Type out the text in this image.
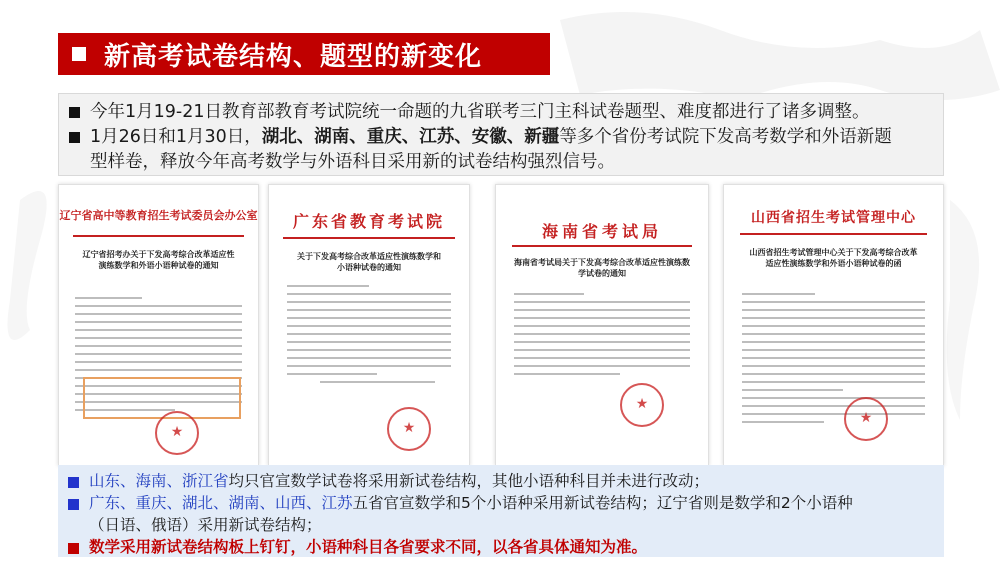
新高考试卷结构、题型的新变化
今年1月19-21日教育部教育考试院统一命题的九省联考三门主科试卷题型、难度都进行了诸多调整。
1月26日和1月30日，湖北、湖南、重庆、江苏、安徽、新疆等多个省份考试院下发高考数学和外语新题
型样卷，释放今年高考数学与外语科目采用新的试卷结构强烈信号。
辽宁省高中等教育招生考试委员会办公室
辽宁省招考办关于下发高考综合改革适应性演练数学和外语小语种试卷的通知
★
广东省教育考试院
关于下发高考综合改革适应性演练数学和小语种试卷的通知
★
海南省考试局
海南省考试局关于下发高考综合改革适应性演练数学试卷的通知
★
山西省招生考试管理中心
山西省招生考试管理中心关于下发高考综合改革适应性演练数学和外语小语种试卷的函
★
山东、海南、浙江省均只官宣数学试卷将采用新试卷结构，其他小语种科目并未进行改动；
广东、重庆、湖北、湖南、山西、江苏五省官宣数学和5个小语种采用新试卷结构；辽宁省则是数学和2个小语种
（日语、俄语）采用新试卷结构；
数学采用新试卷结构板上钉钉，小语种科目各省要求不同，以各省具体通知为准。
